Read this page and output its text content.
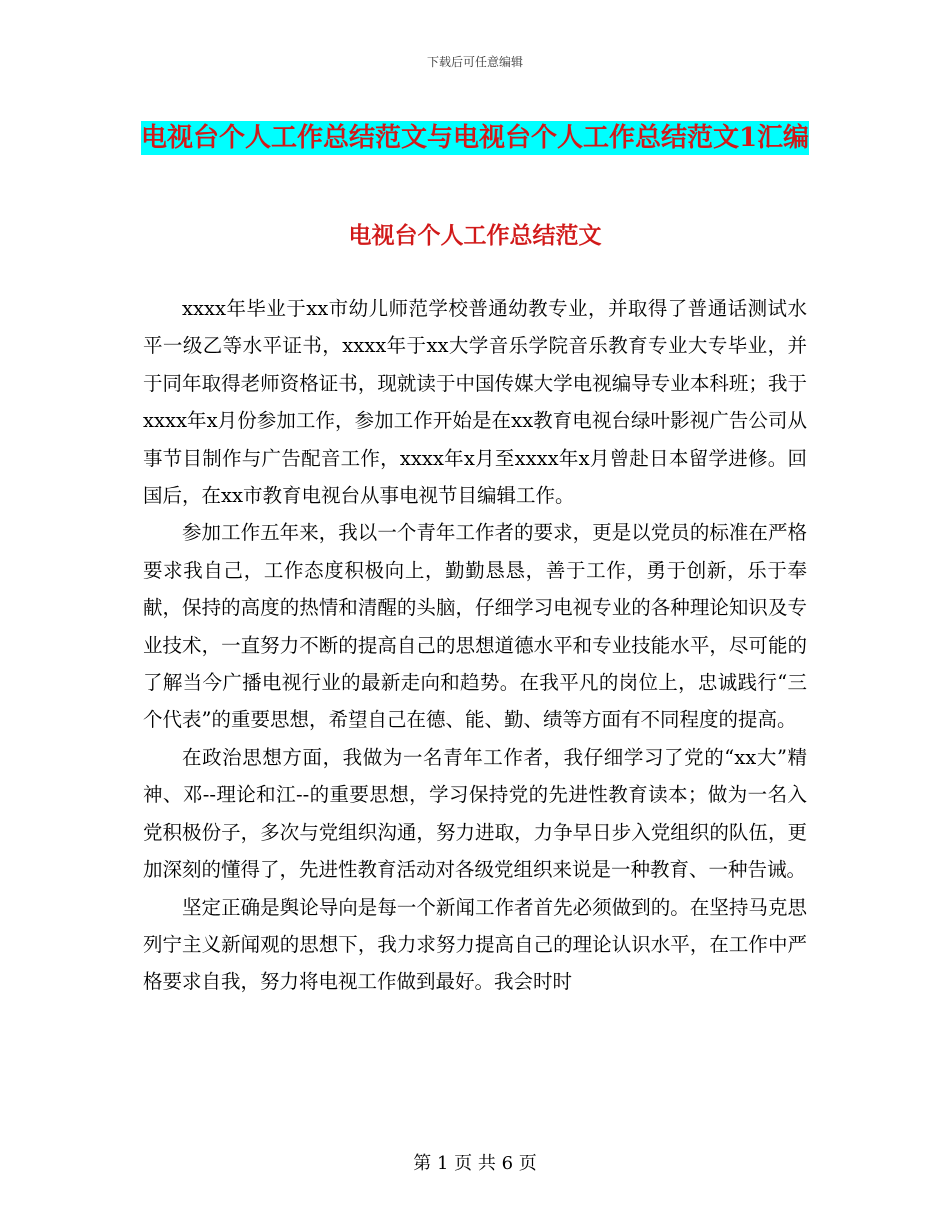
下载后可任意编辑
电视台个人工作总结范文与电视台个人工作总结范文1汇编
电视台个人工作总结范文

xxxx年毕业于xx市幼儿师范学校普通幼教专业，并取得了普通话测试水平一级乙等水平证书，xxxx年于xx大学音乐学院音乐教育专业大专毕业，并于同年取得老师资格证书，现就读于中国传媒大学电视编导专业本科班；我于xxxx年x月份参加工作，参加工作开始是在xx教育电视台绿叶影视广告公司从事节目制作与广告配音工作，xxxx年x月至xxxx年x月曾赴日本留学进修。回国后，在xx市教育电视台从事电视节目编辑工作。

参加工作五年来，我以一个青年工作者的要求，更是以党员的标准在严格要求我自己，工作态度积极向上，勤勤恳恳，善于工作，勇于创新，乐于奉献，保持的高度的热情和清醒的头脑，仔细学习电视专业的各种理论知识及专业技术，一直努力不断的提高自己的思想道德水平和专业技能水平，尽可能的了解当今广播电视行业的最新走向和趋势。在我平凡的岗位上，忠诚践行“三个代表”的重要思想，希望自己在德、能、勤、绩等方面有不同程度的提高。

在政治思想方面，我做为一名青年工作者，我仔细学习了党的“xx大”精神、邓--理论和江--的重要思想，学习保持党的先进性教育读本；做为一名入党积极份子，多次与党组织沟通，努力进取，力争早日步入党组织的队伍，更加深刻的懂得了，先进性教育活动对各级党组织来说是一种教育、一种告诫。

坚定正确是舆论导向是每一个新闻工作者首先必须做到的。在坚持马克思列宁主义新闻观的思想下，我力求努力提高自己的理论认识水平，在工作中严格要求自我，努力将电视工作做到最好。我会时时

第 1 页 共 6 页
